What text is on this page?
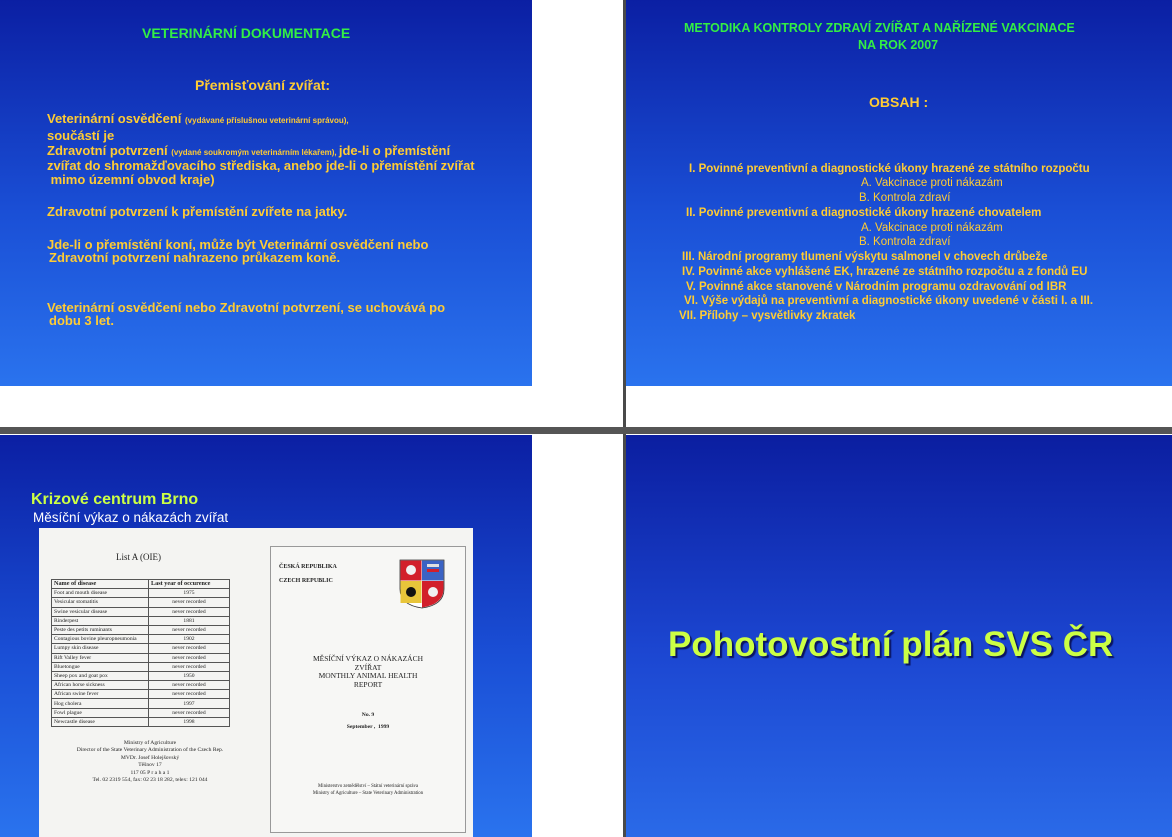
VETERINÁRNÍ DOKUMENTACE
Přemisťování zvířat:
Veterinární osvědčení (vydávané příslušnou veterinární správou),
součástí je
Zdravotní potvrzení (vydané soukromým veterinárním lékařem), jde-li o přemístění
zvířat do shromažďovacího střediska, anebo jde-li o přemístění zvířat
mimo územní obvod kraje)
Zdravotní potvrzení k přemístění zvířete na jatky.
Jde-li o přemístění koní, může být Veterinární osvědčení nebo
Zdravotní potvrzení nahrazeno průkazem koně.
Veterinární osvědčení nebo Zdravotní potvrzení, se uchovává po
dobu 3 let.
METODIKA KONTROLY ZDRAVÍ ZVÍŘAT A NAŘÍZENÉ VAKCINACE
NA ROK 2007
OBSAH :
I. Povinné preventivní a diagnostické úkony hrazené ze státního rozpočtu
A. Vakcinace proti nákazám
B. Kontrola zdraví
II. Povinné preventivní a diagnostické úkony hrazené chovatelem
A. Vakcinace proti nákazám
B. Kontrola zdraví
III. Národní programy tlumení výskytu salmonel v chovech drůbeže
IV. Povinné akce vyhlášené EK, hrazené ze státního rozpočtu a z fondů EU
V. Povinné akce stanovené v Národním programu ozdravování od IBR
VI. Výše výdajů na preventivní a diagnostické úkony uvedené v části I. a III.
VII. Přílohy – vysvětlivky zkratek
Krizové centrum Brno
Měsíční výkaz o nákazách zvířat
List A (OIE)
Name of disease	Last year of occurence
Foot and mouth disease	1975
Vesicular stomatitis	never recorded
Swine vesicular disease	never recorded
Rinderpest	1881
Peste des petits ruminants	never recorded
Contagious bovine pleuropneumonia	1902
Lumpy skin disease	never recorded
Rift Valley fever	never recorded
Bluetongue	never recorded
Sheep pox and goat pox	1950
African horse sickness	never recorded
African swine fever	never recorded
Hog cholera	1997
Fowl plague	never recorded
Newcastle disease	1998
Ministry of Agriculture
Director of the State Veterinary Administration of the Czech Rep.
MVDr. Josef Holejšovský
Těšnov 17
117 05 P r a h a 1
Tel. 02 2319 554, fax: 02 23 18 282, telex: 121 044
ČESKÁ REPUBLIKA
CZECH REPUBLIC
MĚSÍČNÍ VÝKAZ O NÁKAZÁCH
ZVÍŘAT
MONTHLY ANIMAL HEALTH
REPORT
No. 9
September ,  1999
Ministerstvo zemědělství – Státní veterinární správa
Ministry of Agriculture – State Veterinary Administration
Pohotovostní plán SVS ČR
